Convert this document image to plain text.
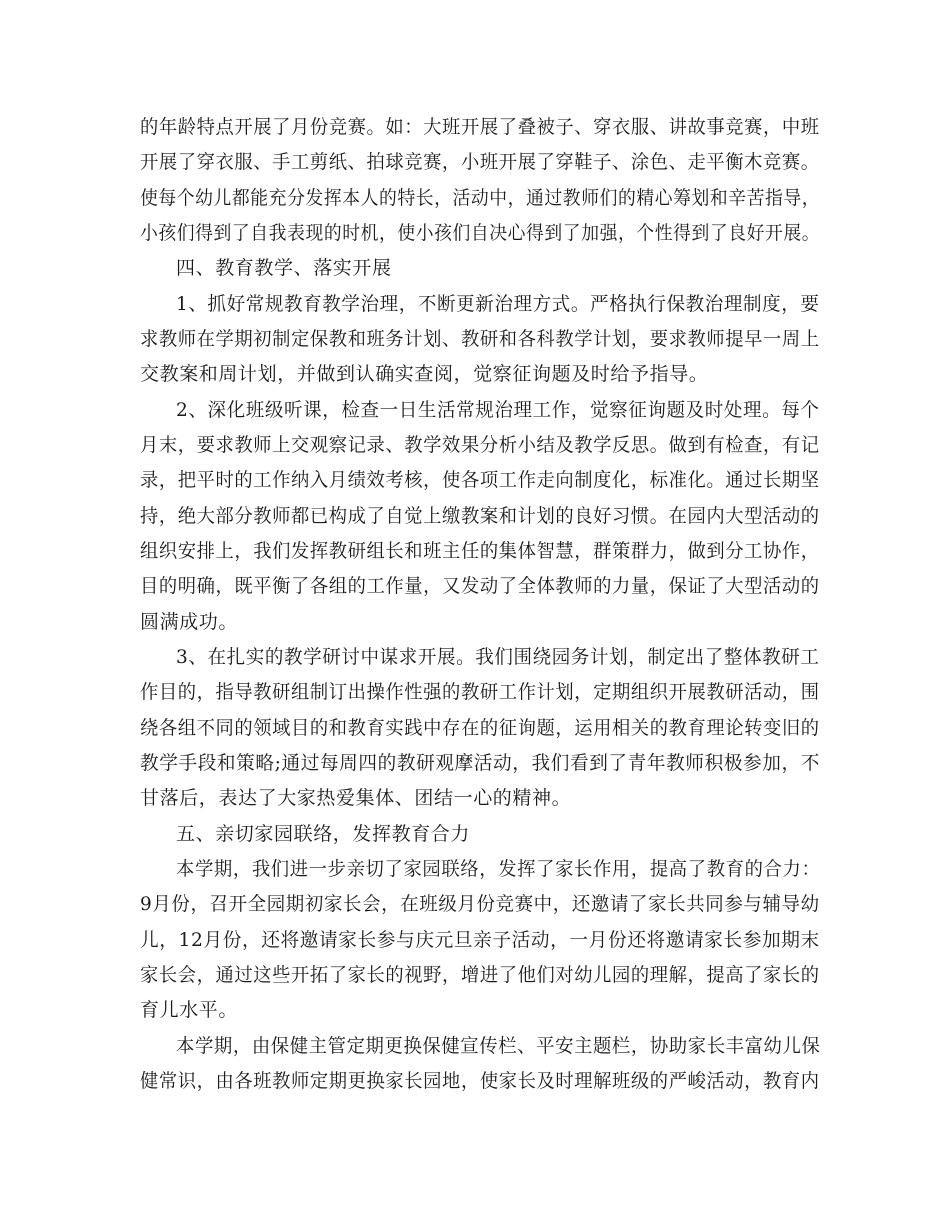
的年龄特点开展了月份竞赛。如：大班开展了叠被子、穿衣服、讲故事竞赛，中班
开展了穿衣服、手工剪纸、拍球竞赛，小班开展了穿鞋子、涂色、走平衡木竞赛。
使每个幼儿都能充分发挥本人的特长，活动中，通过教师们的精心筹划和辛苦指导，
小孩们得到了自我表现的时机，使小孩们自决心得到了加强，个性得到了良好开展。
四、教育教学、落实开展
1、抓好常规教育教学治理，不断更新治理方式。严格执行保教治理制度，要
求教师在学期初制定保教和班务计划、教研和各科教学计划，要求教师提早一周上
交教案和周计划，并做到认确实查阅，觉察征询题及时给予指导。
2、深化班级听课，检查一日生活常规治理工作，觉察征询题及时处理。每个
月末，要求教师上交观察记录、教学效果分析小结及教学反思。做到有检查，有记
录，把平时的工作纳入月绩效考核，使各项工作走向制度化，标准化。通过长期坚
持，绝大部分教师都已构成了自觉上缴教案和计划的良好习惯。在园内大型活动的
组织安排上，我们发挥教研组长和班主任的集体智慧，群策群力，做到分工协作，
目的明确，既平衡了各组的工作量，又发动了全体教师的力量，保证了大型活动的
圆满成功。
3、在扎实的教学研讨中谋求开展。我们围绕园务计划，制定出了整体教研工
作目的，指导教研组制订出操作性强的教研工作计划，定期组织开展教研活动，围
绕各组不同的领域目的和教育实践中存在的征询题，运用相关的教育理论转变旧的
教学手段和策略;通过每周四的教研观摩活动，我们看到了青年教师积极参加，不
甘落后，表达了大家热爱集体、团结一心的精神。
五、亲切家园联络，发挥教育合力
本学期，我们进一步亲切了家园联络，发挥了家长作用，提高了教育的合力：
9月份，召开全园期初家长会，在班级月份竞赛中，还邀请了家长共同参与辅导幼
儿，12月份，还将邀请家长参与庆元旦亲子活动，一月份还将邀请家长参加期末
家长会，通过这些开拓了家长的视野，增进了他们对幼儿园的理解，提高了家长的
育儿水平。
本学期，由保健主管定期更换保健宣传栏、平安主题栏，协助家长丰富幼儿保
健常识，由各班教师定期更换家长园地，使家长及时理解班级的严峻活动，教育内
